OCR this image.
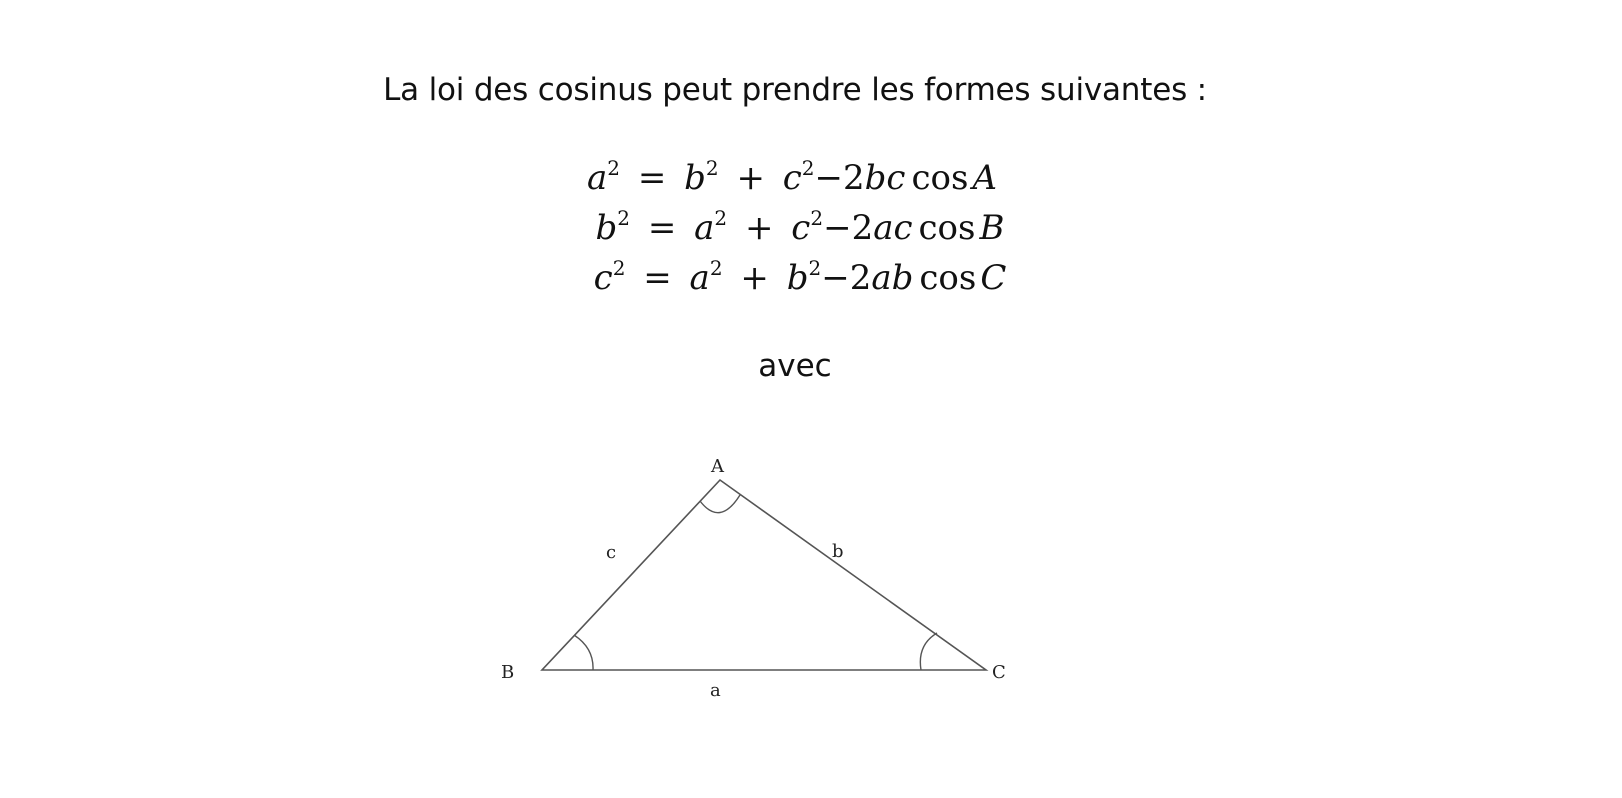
La loi des cosinus peut prendre les formes suivantes :
$a^2 = b^2 + c^2-2bc$ cos A
$b^2 = a^2 + c^2-2ac$ cos B
$c^2 = a^2 + b^2-2ab$ cos C
avec
A
B	C
c	b
a
